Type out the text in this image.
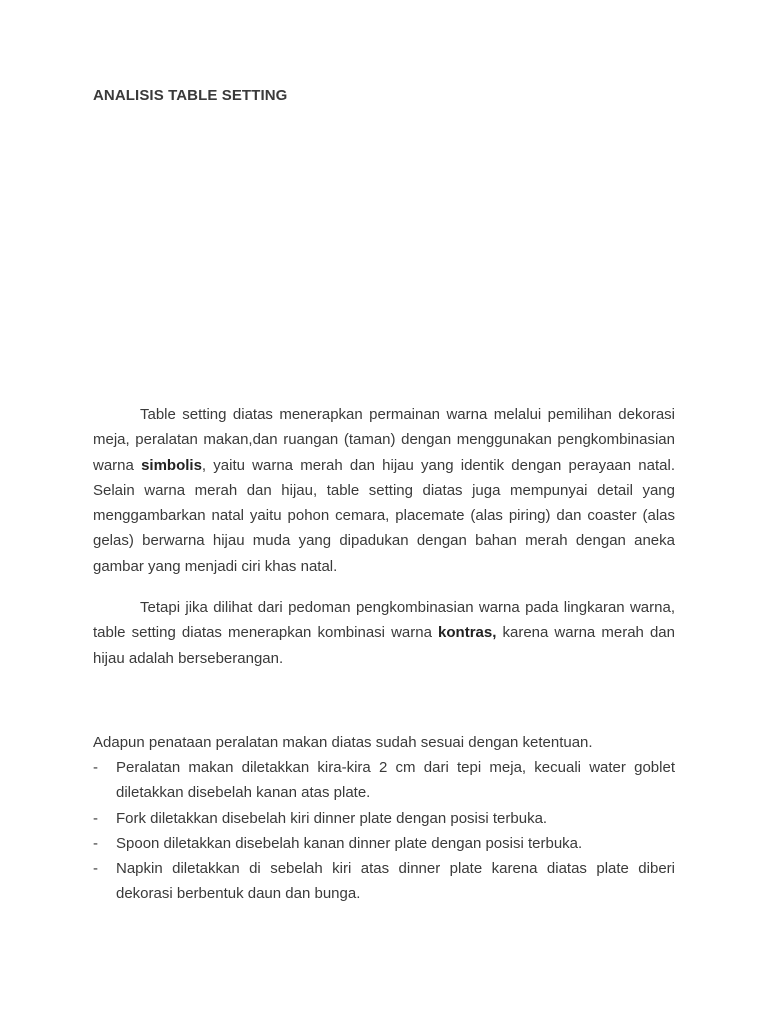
ANALISIS TABLE SETTING

Table setting diatas menerapkan permainan warna melalui pemilihan dekorasi meja, peralatan makan,dan ruangan (taman) dengan menggunakan pengkombinasian warna simbolis, yaitu warna merah dan hijau yang identik dengan perayaan natal. Selain warna merah dan hijau, table setting diatas juga mempunyai detail yang menggambarkan natal yaitu pohon cemara, placemate (alas piring) dan coaster (alas gelas) berwarna hijau muda yang dipadukan dengan bahan merah dengan aneka gambar yang menjadi ciri khas natal.

Tetapi jika dilihat dari pedoman pengkombinasian warna pada lingkaran warna, table setting diatas menerapkan kombinasi warna kontras, karena warna merah dan hijau adalah berseberangan.

Adapun penataan peralatan makan diatas sudah sesuai dengan ketentuan.

- Peralatan makan diletakkan kira-kira 2 cm dari tepi meja, kecuali water goblet diletakkan disebelah kanan atas plate.
- Fork diletakkan disebelah kiri dinner plate dengan posisi terbuka.
- Spoon diletakkan disebelah kanan dinner plate dengan posisi terbuka.
- Napkin diletakkan di sebelah kiri atas dinner plate karena diatas plate diberi dekorasi berbentuk daun dan bunga.
